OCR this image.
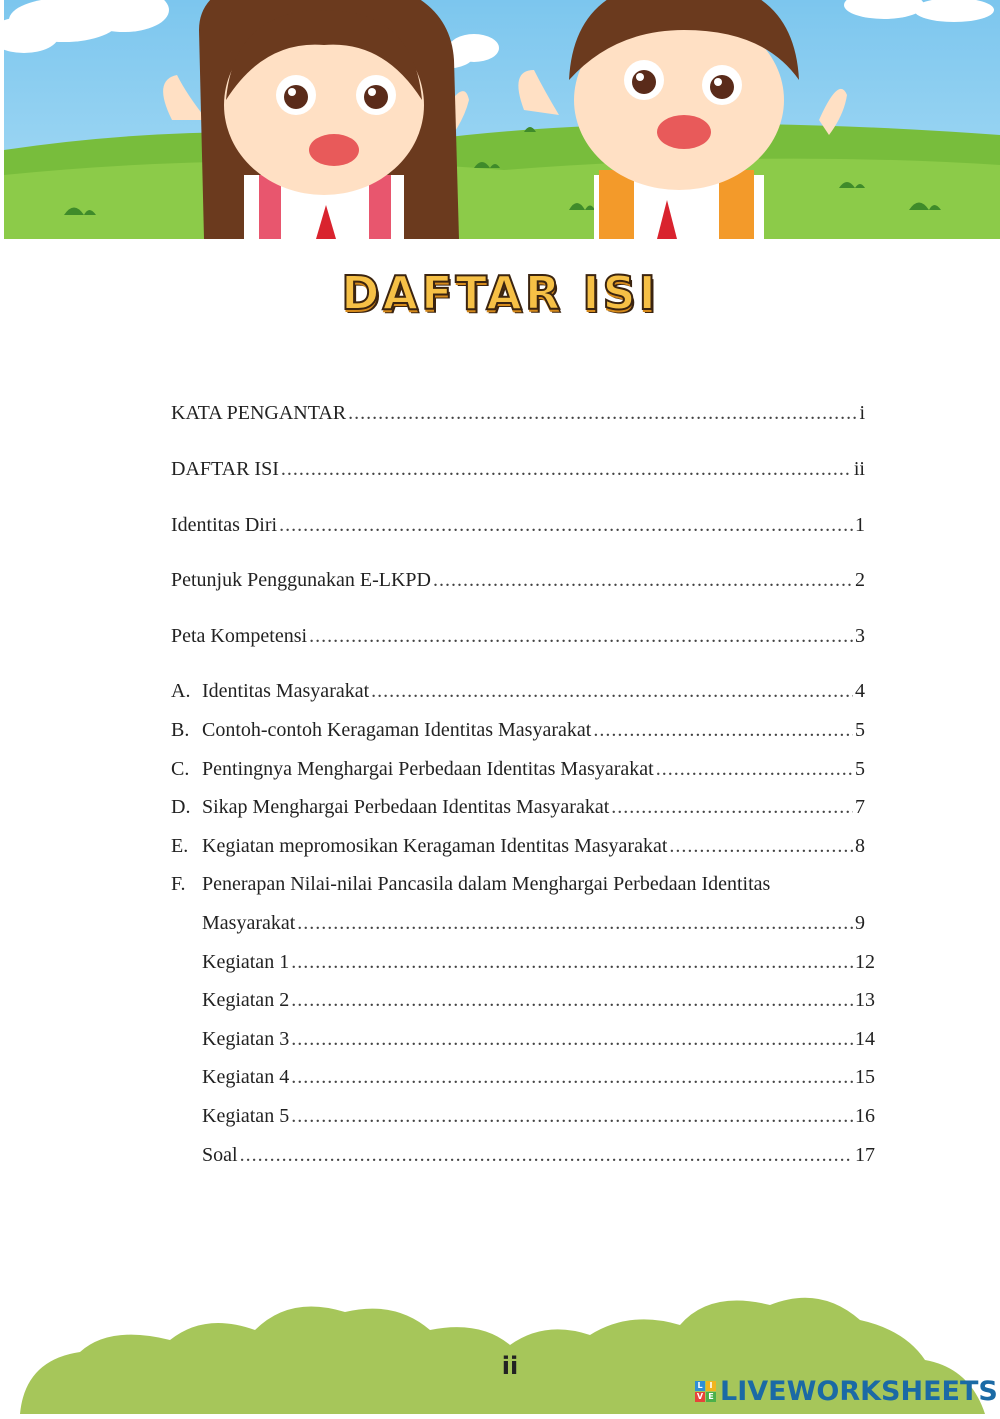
DAFTAR ISI
KATA PENGANTAR .....	i
DAFTAR ISI .....	ii
Identitas Diri .....	1
Petunjuk Penggunakan E-LKPD .....	2
Peta Kompetensi .....	3
A. Identitas Masyarakat .....	4
B. Contoh-contoh Keragaman Identitas Masyarakat .....	5
C. Pentingnya Menghargai Perbedaan Identitas Masyarakat .....	5
D. Sikap Menghargai Perbedaan Identitas Masyarakat .....	7
E. Kegiatan mepromosikan Keragaman Identitas Masyarakat .....	8
F. Penerapan Nilai-nilai Pancasila dalam Menghargai Perbedaan Identitas
Masyarakat .....	9
Kegiatan 1 .....	12
Kegiatan 2 .....	13
Kegiatan 3 .....	14
Kegiatan 4 .....	15
Kegiatan 5 .....	16
Soal .....	17
ii
L I
V E LIVEWORKSHEETS
